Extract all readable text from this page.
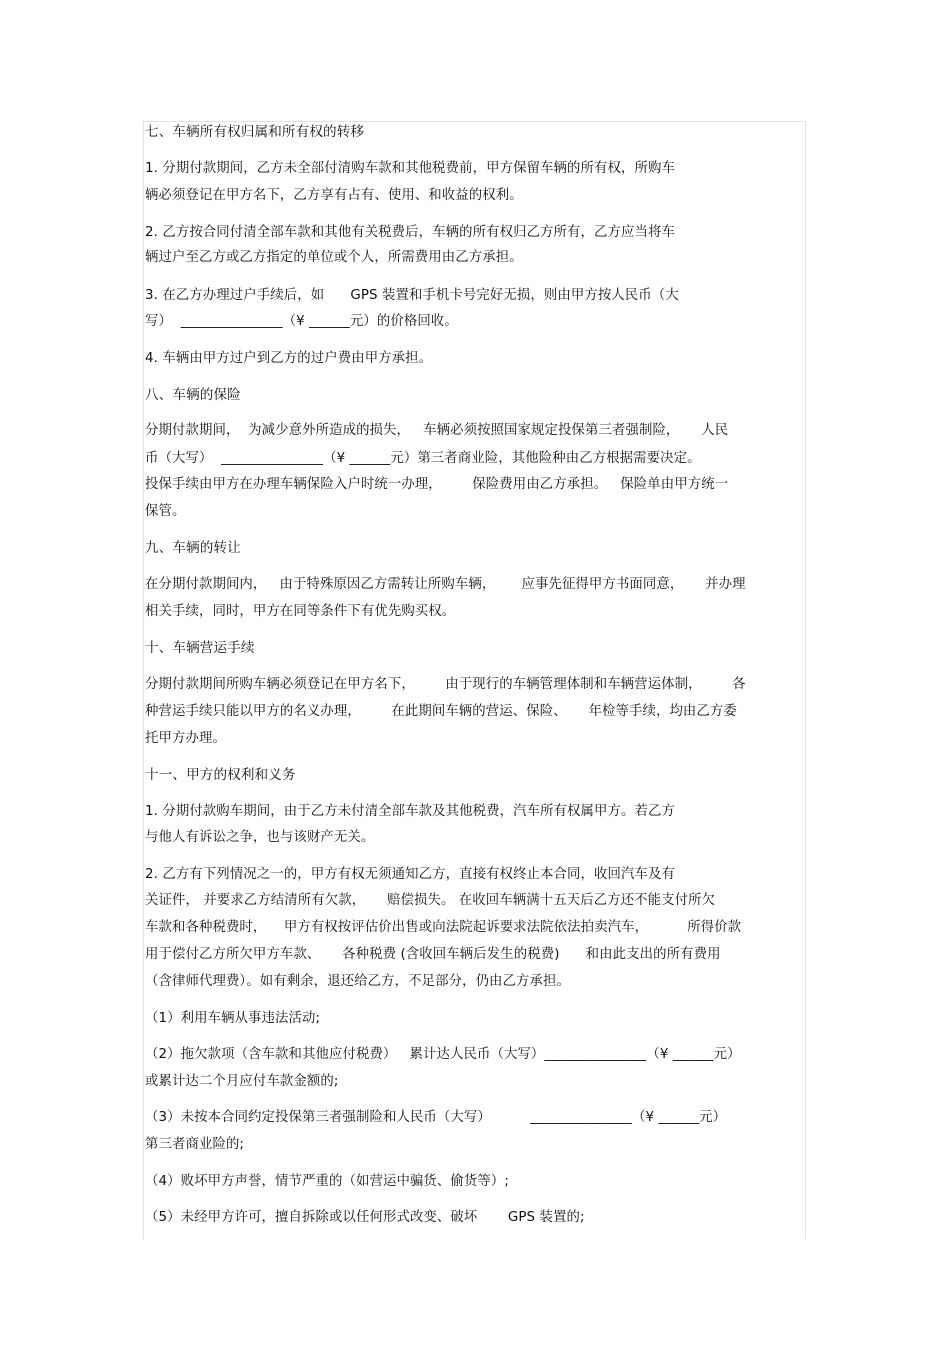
七、车辆所有权归属和所有权的转移
1. 分期付款期间，乙方未全部付清购车款和其他税费前，甲方保留车辆的所有权，所购车
辆必须登记在甲方名下，乙方享有占有、使用、和收益的权利。
2. 乙方按合同付清全部车款和其他有关税费后，车辆的所有权归乙方所有，乙方应当将车
辆过户至乙方或乙方指定的单位或个人，所需费用由乙方承担。
3. 在乙方办理过户手续后，如      GPS 装置和手机卡号完好无损，则由甲方按人民币（大
写）  _______________（¥ ______元）的价格回收。
4. 车辆由甲方过户到乙方的过户费由甲方承担。
八、车辆的保险
分期付款期间，  为减少意外所造成的损失，   车辆必须按照国家规定投保第三者强制险，     人民
币（大写）  _______________（¥ ______元）第三者商业险，其他险种由乙方根据需要决定。
投保手续由甲方在办理车辆保险入户时统一办理，       保险费用由乙方承担。   保险单由甲方统一
保管。
九、车辆的转让
在分期付款期间内，   由于特殊原因乙方需转让所购车辆，      应事先征得甲方书面同意，     并办理
相关手续，同时，甲方在同等条件下有优先购买权。
十、车辆营运手续
分期付款期间所购车辆必须登记在甲方名下，       由于现行的车辆管理体制和车辆营运体制，       各
种营运手续只能以甲方的名义办理，       在此期间车辆的营运、保险、     年检等手续，均由乙方委
托甲方办理。
十一、甲方的权利和义务
1. 分期付款购车期间，由于乙方未付清全部车款及其他税费，汽车所有权属甲方。若乙方
与他人有诉讼之争，也与该财产无关。
2. 乙方有下列情况之一的，甲方有权无须通知乙方，直接有权终止本合同，收回汽车及有
关证件， 并要求乙方结清所有欠款，     赔偿损失。 在收回车辆满十五天后乙方还不能支付所欠
车款和各种税费时，    甲方有权按评估价出售或向法院起诉要求法院依法拍卖汽车，         所得价款
用于偿付乙方所欠甲方车款、     各种税费 (含收回车辆后发生的税费)      和由此支出的所有费用
（含律师代理费）。如有剩余，退还给乙方，不足部分，仍由乙方承担。
（1）利用车辆从事违法活动;
（2）拖欠款项（含车款和其他应付税费）   累计达人民币（大写）_______________（¥ ______元）
或累计达二个月应付车款金额的;
（3）未按本合同约定投保第三者强制险和人民币（大写）         _______________（¥ ______元）
第三者商业险的;
（4）败坏甲方声誉，情节严重的（如营运中骗货、偷货等）;
（5）未经甲方许可，擅自拆除或以任何形式改变、破坏       GPS 装置的;
